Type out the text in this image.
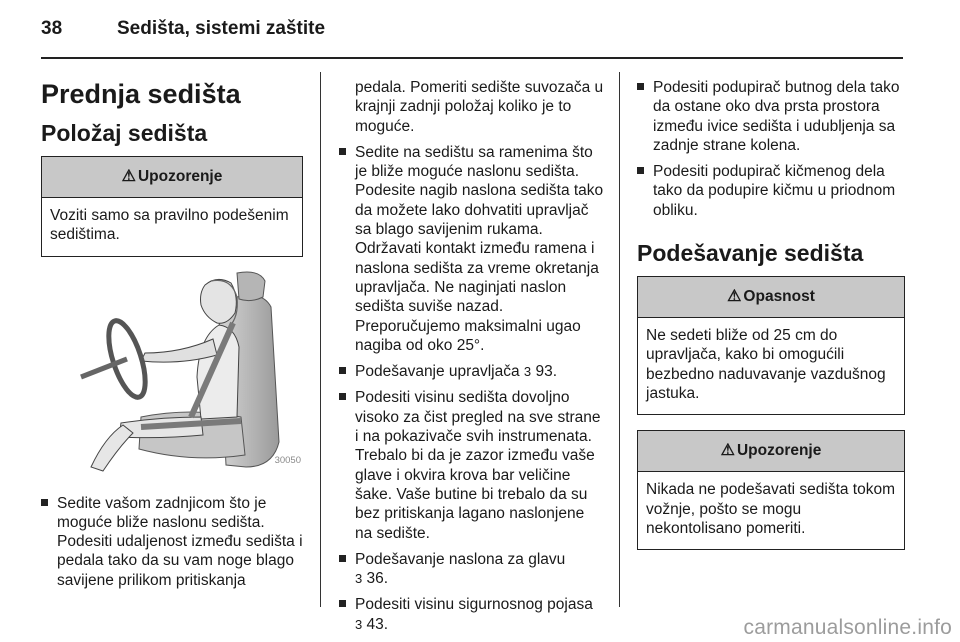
38	Sedišta, sistemi zaštite
Prednja sedišta
Položaj sedišta
⚠ Upozorenje
Voziti samo sa pravilno podešenim sedištima.
30050
Sedite vašom zadnjicom što je moguće bliže naslonu sedišta. Podesiti udaljenost između sedišta i pedala tako da su vam noge blago savijene prilikom pritiskanja

pedala. Pomeriti sedište suvozača u krajnji zadnji položaj koliko je to moguće.

Sedite na sedištu sa ramenima što je bliže moguće naslonu sedišta. Podesite nagib naslona sedišta tako da možete lako dohvatiti upravljač sa blago savijenim rukama. Održavati kontakt između ramena i naslona sedišta za vreme okretanja upravljača. Ne naginjati naslon sedišta suviše nazad. Preporučujemo maksimalni ugao nagiba od oko 25°.
Podešavanje upravljača 3 93.
Podesiti visinu sedišta dovoljno visoko za čist pregled na sve strane i na pokazivače svih instrumenata. Trebalo bi da je zazor između vaše glave i okvira krova bar veličine šake. Vaše butine bi trebalo da su bez pritiskanja lagano naslonjene na sedište.
Podešavanje naslona za glavu
3 36.
Podesiti visinu sigurnosnog pojasa
3 43.
Podesiti podupirač butnog dela tako da ostane oko dva prsta prostora između ivice sedišta i udubljenja sa zadnje strane kolena.
Podesiti podupirač kičmenog dela tako da podupire kičmu u priodnom obliku.
Podešavanje sedišta
⚠ Opasnost
Ne sedeti bliže od 25 cm do upravljača, kako bi omogućili bezbedno naduvavanje vazdušnog jastuka.
⚠ Upozorenje
Nikada ne podešavati sedišta tokom vožnje, pošto se mogu nekontolisano pomeriti.
carmanualsonline.info
